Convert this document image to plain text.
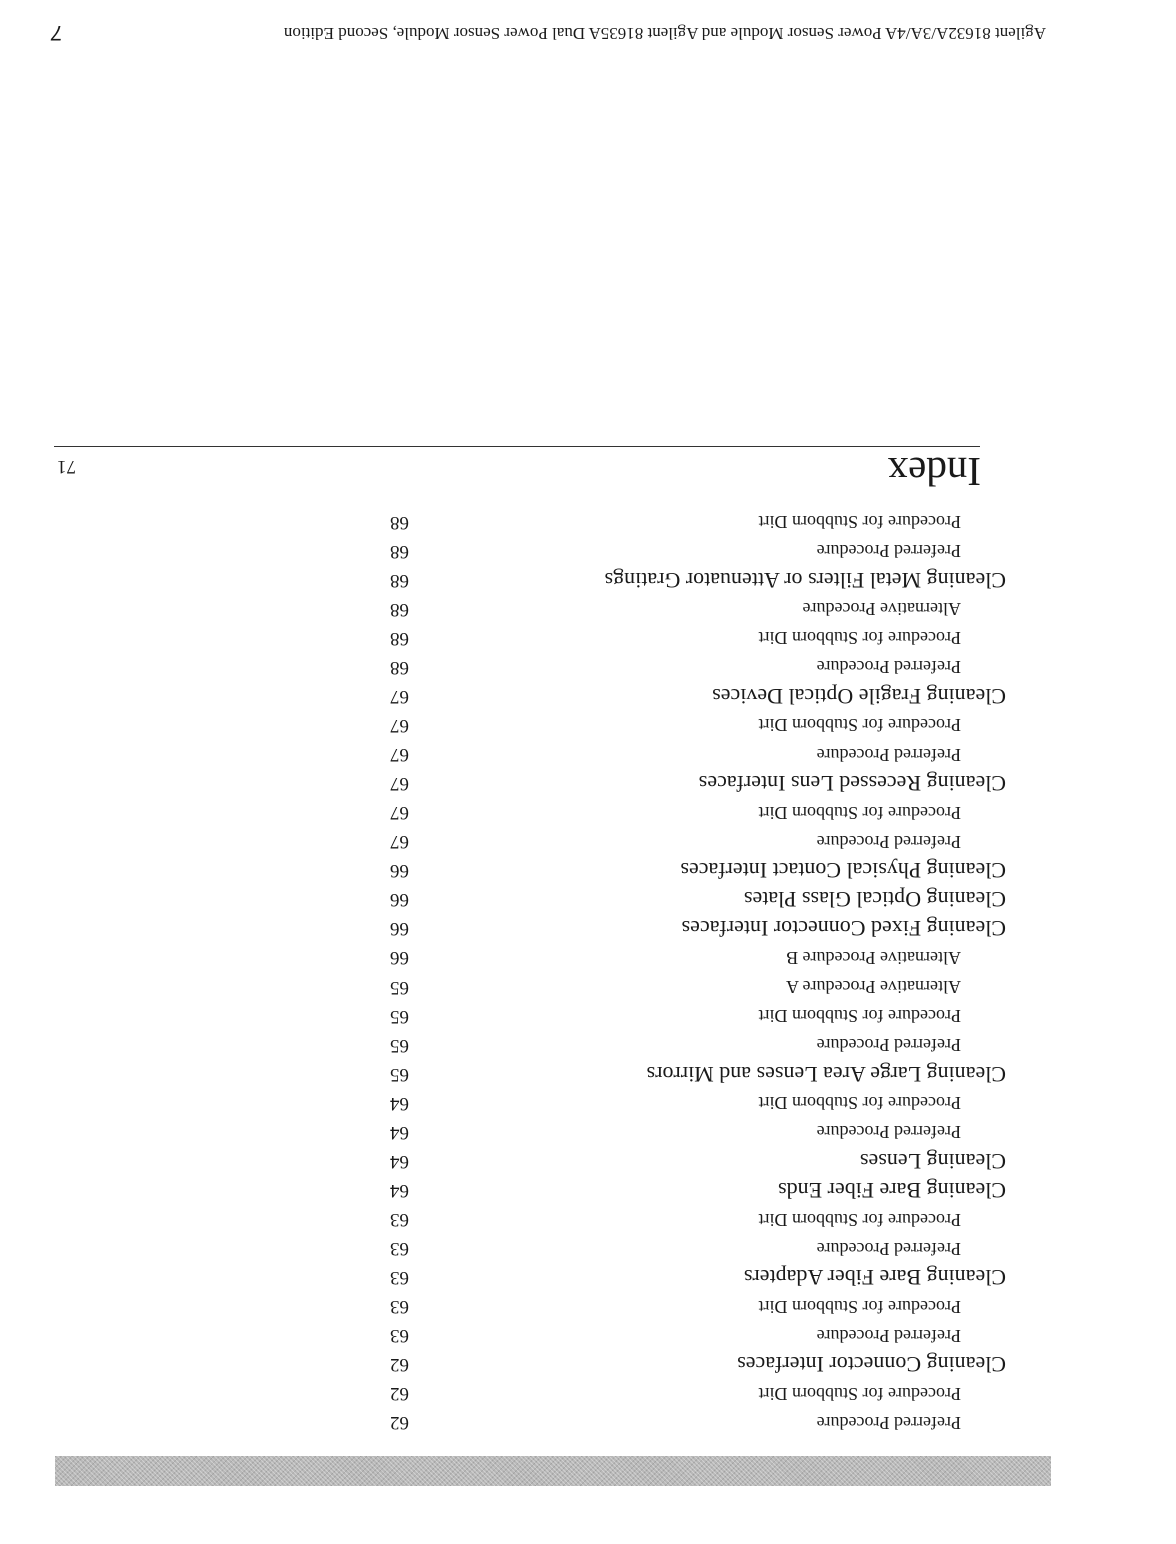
Preferred Procedure
62
Procedure for Stubborn Dirt
62
Cleaning Connector Interfaces
62
Preferred Procedure
63
Procedure for Stubborn Dirt
63
Cleaning Bare Fiber Adapters
63
Preferred Procedure
63
Procedure for Stubborn Dirt
63
Cleaning Bare Fiber Ends
64
Cleaning Lenses
64
Preferred Procedure
64
Procedure for Stubborn Dirt
64
Cleaning Large Area Lenses and Mirrors
65
Preferred Procedure
65
Procedure for Stubborn Dirt
65
Alternative Procedure A
65
Alternative Procedure B
66
Cleaning Fixed Connector Interfaces
66
Cleaning Optical Glass Plates
66
Cleaning Physical Contact Interfaces
66
Preferred Procedure
67
Procedure for Stubborn Dirt
67
Cleaning Recessed Lens Interfaces
67
Preferred Procedure
67
Procedure for Stubborn Dirt
67
Cleaning Fragile Optical Devices
67
Preferred Procedure
68
Procedure for Stubborn Dirt
68
Alternative Procedure
68
Cleaning Metal Filters or Attenuator Gratings
68
Preferred Procedure
68
Procedure for Stubborn Dirt
68
Index
71
Agilent 81632A/3A/4A Power Sensor Module and Agilent 81635A Dual Power Sensor Module, Second Edition
7
